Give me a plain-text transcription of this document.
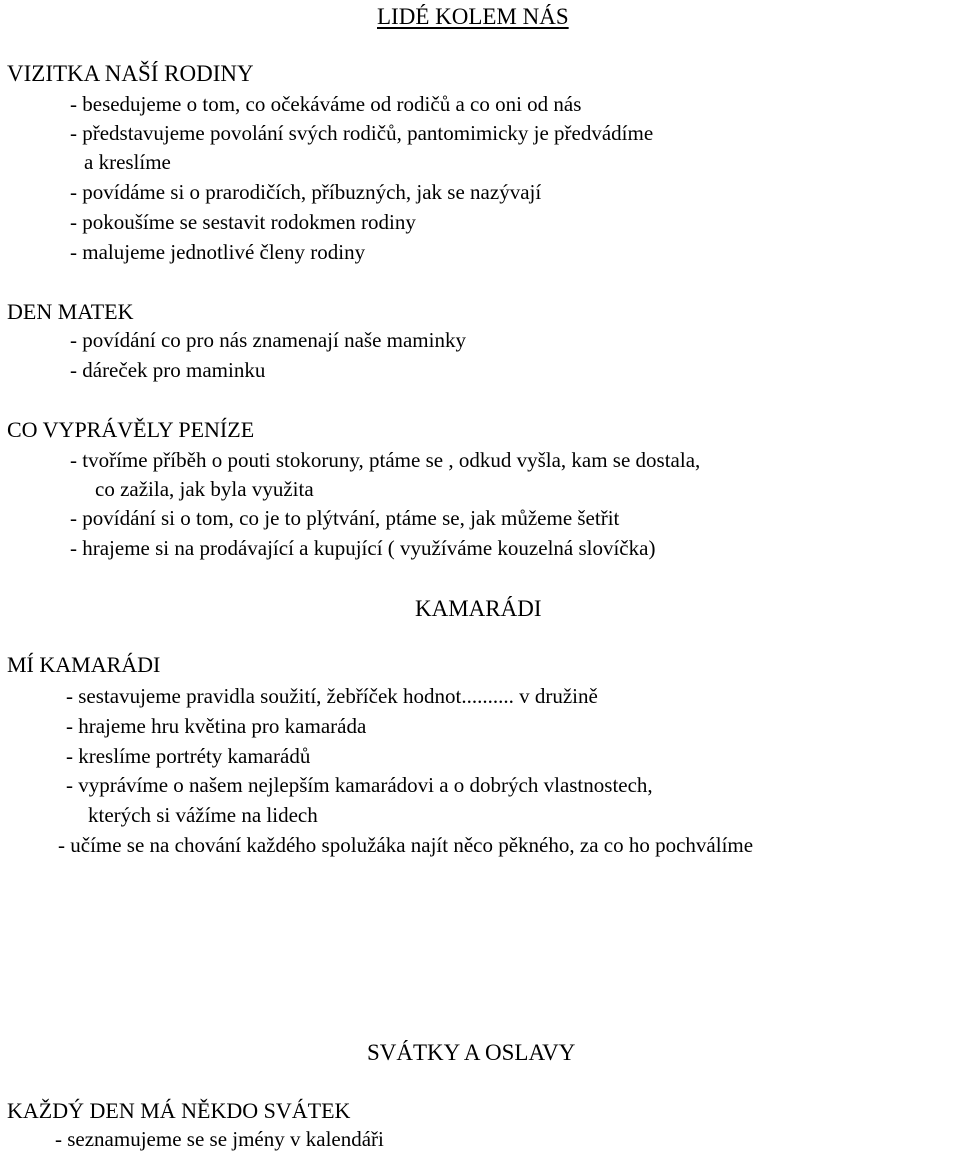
LIDÉ KOLEM NÁS
VIZITKA NAŠÍ RODINY
- besedujeme o tom, co očekáváme od rodičů a co oni od nás
- představujeme povolání svých rodičů, pantomimicky je předvádíme
a kreslíme
- povídáme si o prarodičích, příbuzných, jak se nazývají
- pokoušíme se sestavit rodokmen rodiny
- malujeme jednotlivé členy rodiny
DEN MATEK
- povídání co pro nás znamenají naše maminky
- dáreček pro maminku
CO VYPRÁVĚLY PENÍZE
- tvoříme příběh o pouti stokoruny, ptáme se , odkud vyšla, kam se dostala,
co zažila, jak byla využita
- povídání si o tom, co je to plýtvání, ptáme se, jak můžeme šetřit
- hrajeme si na prodávající a kupující ( využíváme kouzelná slovíčka)
KAMARÁDI
MÍ KAMARÁDI
- sestavujeme pravidla soužití, žebříček hodnot.......... v družině
- hrajeme hru květina pro kamaráda
- kreslíme portréty kamarádů
- vyprávíme o našem nejlepším kamarádovi a o dobrých vlastnostech,
kterých si vážíme na lidech
- učíme se na chování každého spolužáka najít něco pěkného, za co ho pochválíme
SVÁTKY A OSLAVY
KAŽDÝ DEN MÁ NĚKDO SVÁTEK
- seznamujeme se se jmény v kalendáři
